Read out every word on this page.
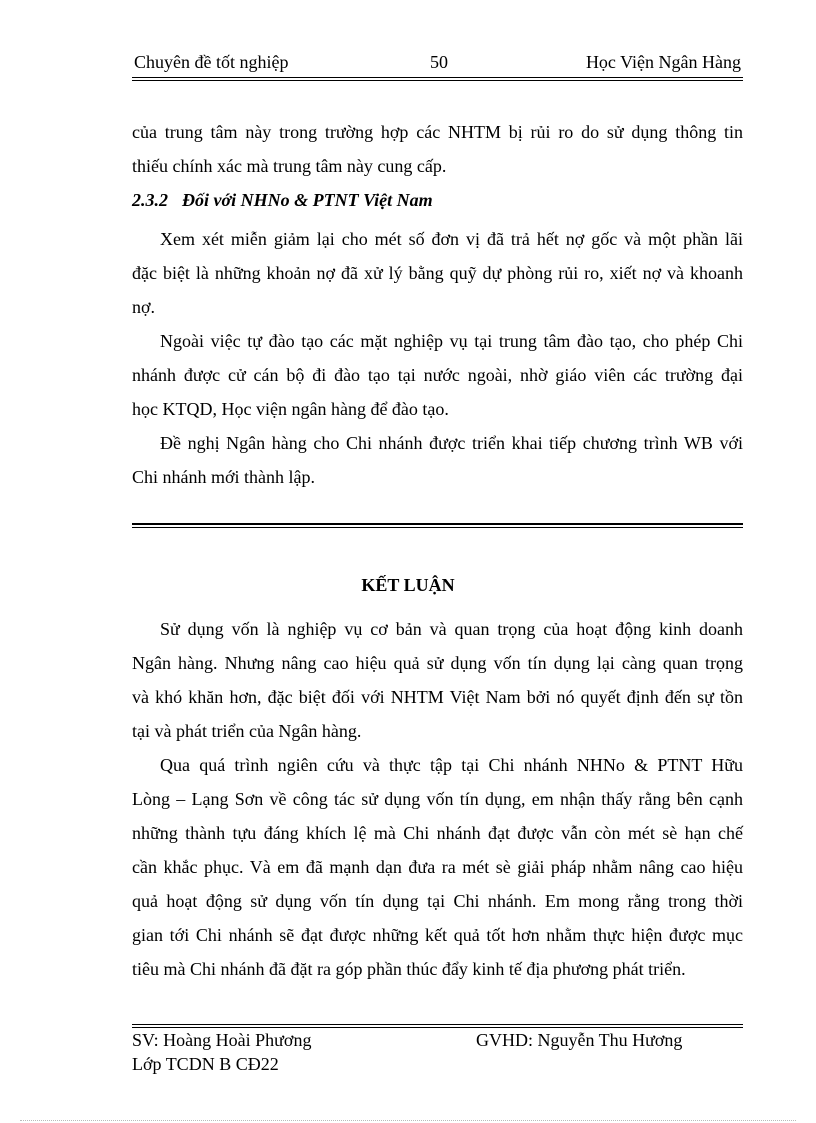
Chuyên đề tốt nghiệp	50	Học Viện Ngân Hàng
của trung tâm này trong trường hợp các NHTM bị rủi ro do sử dụng thông tin
thiếu chính xác mà trung tâm này cung cấp.
2.3.2 Đối với NHNo & PTNT Việt Nam
Xem xét miễn giảm lại cho mét số đơn vị đã trả hết nợ gốc và một phần lãi
đặc biệt là những khoản nợ đã xử lý bằng quỹ dự phòng rủi ro, xiết nợ và khoanh
nợ.
Ngoài việc tự đào tạo các mặt nghiệp vụ tại trung tâm đào tạo, cho phép Chi
nhánh được cử cán bộ đi đào tạo tại nước ngoài, nhờ giáo viên các trường đại
học KTQD, Học viện ngân hàng để đào tạo.
Đề nghị Ngân hàng cho Chi nhánh được triển khai tiếp chương trình WB với
Chi nhánh mới thành lập.
KẾT LUẬN
Sử dụng vốn là nghiệp vụ cơ bản và quan trọng của hoạt động kinh doanh
Ngân hàng. Nhưng nâng cao hiệu quả sử dụng vốn tín dụng lại càng quan trọng
và khó khăn hơn, đặc biệt đối với NHTM Việt Nam bởi nó quyết định đến sự tồn
tại và phát triển của Ngân hàng.
Qua quá trình ngiên cứu và thực tập tại Chi nhánh NHNo & PTNT Hữu
Lòng – Lạng Sơn về công tác sử dụng vốn tín dụng, em nhận thấy rằng bên cạnh
những thành tựu đáng khích lệ mà Chi nhánh đạt được vẫn còn mét sè hạn chế
cần khắc phục. Và em đã mạnh dạn đưa ra mét sè giải pháp nhằm nâng cao hiệu
quả hoạt động sử dụng vốn tín dụng tại Chi nhánh. Em mong rằng trong thời
gian tới Chi nhánh sẽ đạt được những kết quả tốt hơn nhằm thực hiện được mục
tiêu mà Chi nhánh đã đặt ra góp phần thúc đẩy kinh tế địa phương phát triển.
SV: Hoàng Hoài Phương
Lớp TCDN B CĐ22
GVHD: Nguyễn Thu Hương
